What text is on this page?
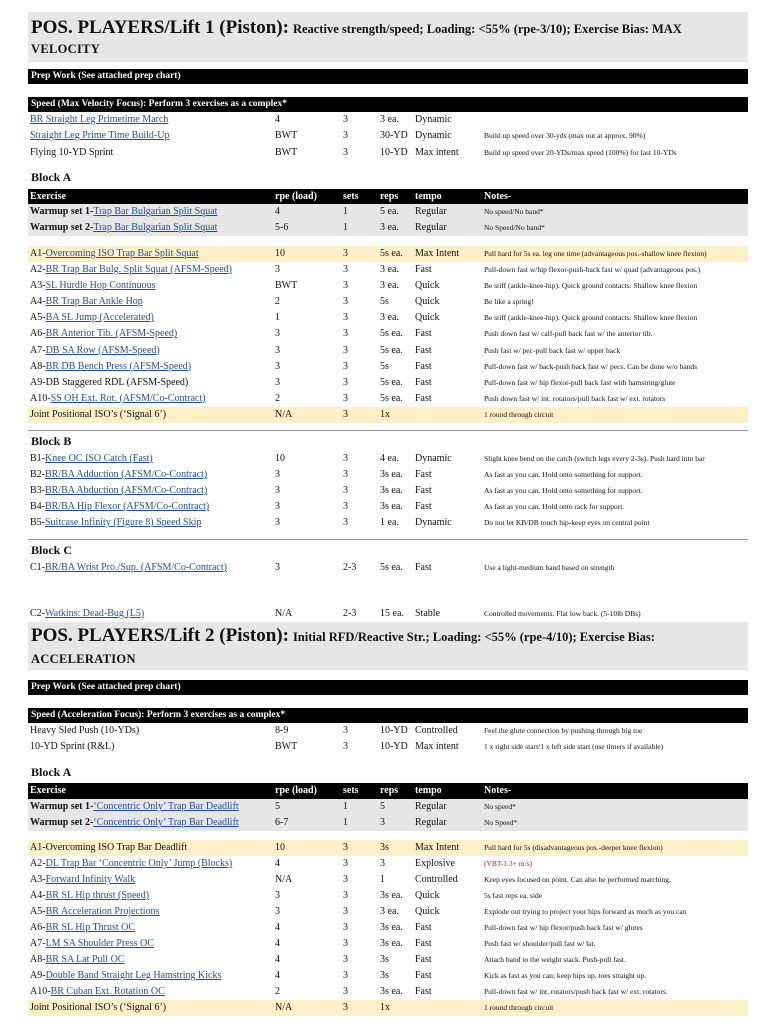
POS. PLAYERS/Lift 1 (Piston): Reactive strength/speed; Loading: <55% (rpe-3/10); Exercise Bias: MAX
VELOCITY
Prep Work (See attached prep chart)
Speed (Max Velocity Focus): Perform 3 exercises as a complex*
Block A
Block B
Block C
POS. PLAYERS/Lift 2 (Piston): Initial RFD/Reactive Str.; Loading: <55% (rpe-4/10); Exercise Bias:
ACCELERATION
Prep Work (See attached prep chart)
Speed (Acceleration Focus): Perform 3 exercises as a complex*
Block A
BR Straight Leg Primetime March	4	3	3 ea. Dynamic
Straight Leg Prime Time Build-Up	BWT	3	30-YD Dynamic	Build up speed over 30-yds (max out at approx. 90%)
Flying 10-YD Sprint	BWT	3	10-YD Max intent	Build up speed over 20-YDs/max speed (100%) for last 10-YDs
Heavy Sled Push (10-YDs)	8-9	3	10-YD Controlled	Feel the glute connection by pushing through big toe
10-YD Sprint (R&L)	BWT	3	10-YD Max intent	1 x right side start/1 x left side start (use timers if available)
Exercise	rpe (load)	sets reps tempo	Notes-
Warmup set 1-Trap Bar Bulgarian Split Squat	4	1	5 ea. Regular	No speed/No band*
Warmup set 2-Trap Bar Bulgarian Split Squat	5-6	1	3 ea. Regular	No Speed/No band*
A1-Overcoming ISO Trap Bar Split Squat	10	3	5s ea. Max Intent	Pull hard for 5s ea. leg one time (advantageous pos.-shallow knee flexion)
A2-BR Trap Bar Bulg. Split Squat (AFSM-Speed)	3	3	3 ea. Fast	Pull-down fast w/hip flexor-push-back fast w/ quad (advantageous pos.)
A3-SL Hurdle Hop Continuous	BWT	3	3 ea. Quick	Be stiff (ankle-knee-hip). Quick ground contacts. Shallow knee flexion
A4-BR Trap Bar Ankle Hop	2	3	5s	Quick	Be like a spring!
A5-BA SL Jump (Accelerated)	1	3	3 ea. Quick	Be stiff (ankle-knee-hip). Quick ground contacts. Shallow knee flexion
A6-BR Anterior Tib. (AFSM-Speed)	3	3	5s ea. Fast	Push down fast w/ calf-pull back fast w/ the anterior tib.
A7-DB SA Row (AFSM-Speed)	3	3	5s ea. Fast	Push fast w/ pec-pull back fast w/ upper back
A8-BR DB Bench Press (AFSM-Speed)	3	3	5s	Fast	Pull-down fast w/ back-push back fast w/ pecs. Can be done w/o bands
A9-DB Staggered RDL (AFSM-Speed)	3	3	5s ea. Fast	Pull-down fast w/ hip flexor-pull back fast with hamstring/glute
A10-SS OH Ext. Rot. (AFSM/Co-Contract)	2	3	5s ea. Fast	Push down fast w/ int. rotators/pull back fast w/ ext. rotators
Joint Positional ISO’s (‘Signal 6’)	N/A	3	1x	1 round through circuit
B1-Knee OC ISO Catch (Fast)	10	3	4 ea. Dynamic	Slight knee bend on the catch (switch legs every 2-3s). Push hard into bar
B2-BR/BA Adduction (AFSM/Co-Contract)	3	3	3s ea. Fast	As fast as you can. Hold onto something for support.
B3-BR/BA Abduction (AFSM/Co-Contract)	3	3	3s ea. Fast	As fast as you can. Hold onto something for support.
B4-BR/BA Hip Flexor (AFSM/Co-Contract)	3	3	3s ea. Fast	As fast as you can. Hold onto rack for support.
B5-Suitcase Infinity (Figure 8) Speed Skip	3	3	1 ea. Dynamic	Do not let KB/DB touch hip-keep eyes on central point
C1-BR/BA Wrist Pro./Sup. (AFSM/Co-Contract)	3	2-3 5s ea. Fast	Use a light-medium band based on strength
C2-Watkins: Dead-Bug (L5)	N/A	2-3 15 ea. Stable	Controlled movements. Flat low back. (5-10lb DBs)
Exercise	rpe (load)	sets reps tempo	Notes-
Warmup set 1-‘Concentric Only’ Trap Bar Deadlift	5	1	5	Regular	No speed*
Warmup set 2-‘Concentric Only’ Trap Bar Deadlift	6-7	1	3	Regular	No Speed*
A1-Overcoming ISO Trap Bar Deadlift	10	3	3s	Max Intent	Pull hard for 5s (disadvantageous pos.-deeper knee flexion)
A2-DL Trap Bar ‘Concentric Only’ Jump (Blocks)	4	3	3	Explosive	(VBT-1.3+ m/s)
A3-Forward Infinity Walk	N/A	3	1	Controlled	Keep eyes focused on point. Can also be performed marching.
A4-BR SL Hip thrust (Speed)	3	3	3s ea. Quick	5s fast reps ea. side
A5-BR Acceleration Projections	3	3	3 ea. Quick	Explode out trying to project your hips forward as much as you can
A6-BR SL Hip Thrust OC	4	3	3s ea. Fast	Pull-down fast w/ hip flexor/push back fast w/ glutes
A7-LM SA Shoulder Press OC	4	3	3s ea. Fast	Push fast w/ shoulder/pull fast w/ lat.
A8-BR SA Lat Pull OC	4	3	3s	Fast	Attach band to the weight stack. Push-pull fast.
A9-Double Band Straight Leg Hamstring Kicks	4	3	3s	Fast	Kick as fast as you can; keep hips up, toes straight up.
A10-BR Cuban Ext. Rotation OC	2	3	3s ea. Fast	Pull-down fast w/ int. rotators/push back fast w/ ext. rotators.
Joint Positional ISO’s (‘Signal 6’)	N/A	3	1x	1 round through circuit
